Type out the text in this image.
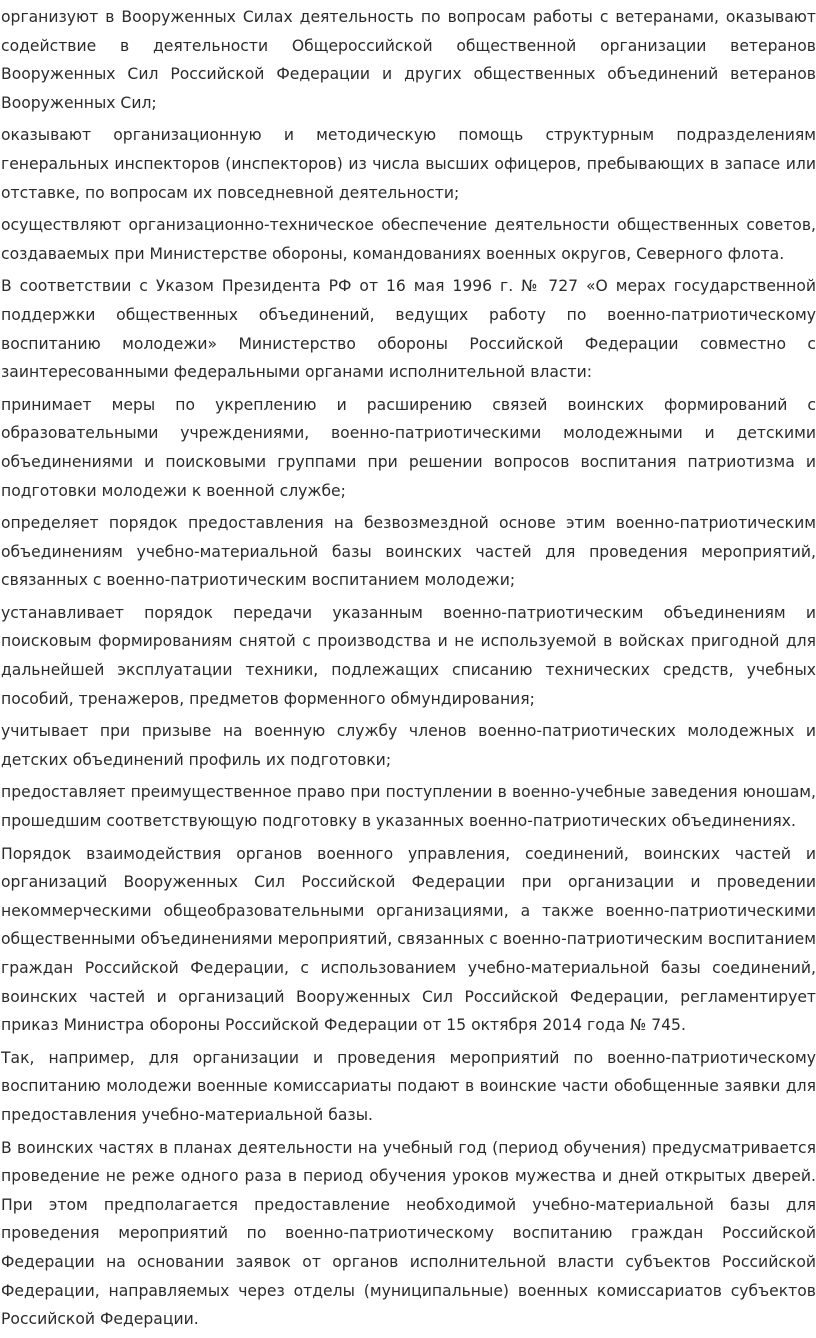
организуют в Вооруженных Силах деятельность по вопросам работы с ветеранами, оказывают содействие в деятельности Общероссийской общественной организации ветеранов Вооруженных Сил Российской Федерации и других общественных объединений ветеранов Вооруженных Сил;

оказывают организационную и методическую помощь структурным подразделениям генеральных инспекторов (инспекторов) из числа высших офицеров, пребывающих в запасе или отставке, по вопросам их повседневной деятельности;

осуществляют организационно-техническое обеспечение деятельности общественных советов, создаваемых при Министерстве обороны, командованиях военных округов, Северного флота.

В соответствии с Указом Президента РФ от 16 мая 1996 г. № 727 «О мерах государственной поддержки общественных объединений, ведущих работу по военно-патриотическому воспитанию молодежи» Министерство обороны Российской Федерации совместно с заинтересованными федеральными органами исполнительной власти:

принимает меры по укреплению и расширению связей воинских формирований с образовательными учреждениями, военно-патриотическими молодежными и детскими объединениями и поисковыми группами при решении вопросов воспитания патриотизма и подготовки молодежи к военной службе;

определяет порядок предоставления на безвозмездной основе этим военно-патриотическим объединениям учебно-материальной базы воинских частей для проведения мероприятий, связанных с военно-патриотическим воспитанием молодежи;

устанавливает порядок передачи указанным военно-патриотическим объединениям и поисковым формированиям снятой с производства и не используемой в войсках пригодной для дальнейшей эксплуатации техники, подлежащих списанию технических средств, учебных пособий, тренажеров, предметов форменного обмундирования;

учитывает при призыве на военную службу членов военно-патриотических молодежных и детских объединений профиль их подготовки;

предоставляет преимущественное право при поступлении в военно-учебные заведения юношам, прошедшим соответствующую подготовку в указанных военно-патриотических объединениях.

Порядок взаимодействия органов военного управления, соединений, воинских частей и организаций Вооруженных Сил Российской Федерации при организации и проведении некоммерческими общеобразовательными организациями, а также военно-патриотическими общественными объединениями мероприятий, связанных с военно-патриотическим воспитанием граждан Российской Федерации, с использованием учебно-материальной базы соединений, воинских частей и организаций Вооруженных Сил Российской Федерации, регламентирует приказ Министра обороны Российской Федерации от 15 октября 2014 года № 745.

Так, например, для организации и проведения мероприятий по военно-патриотическому воспитанию молодежи военные комиссариаты подают в воинские части обобщенные заявки для предоставления учебно-материальной базы.

В воинских частях в планах деятельности на учебный год (период обучения) предусматривается проведение не реже одного раза в период обучения уроков мужества и дней открытых дверей. При этом предполагается предоставление необходимой учебно-материальной базы для проведения мероприятий по военно-патриотическому воспитанию граждан Российской Федерации на основании заявок от органов исполнительной власти субъектов Российской Федерации, направляемых через отделы (муниципальные) военных комиссариатов субъектов Российской Федерации.
